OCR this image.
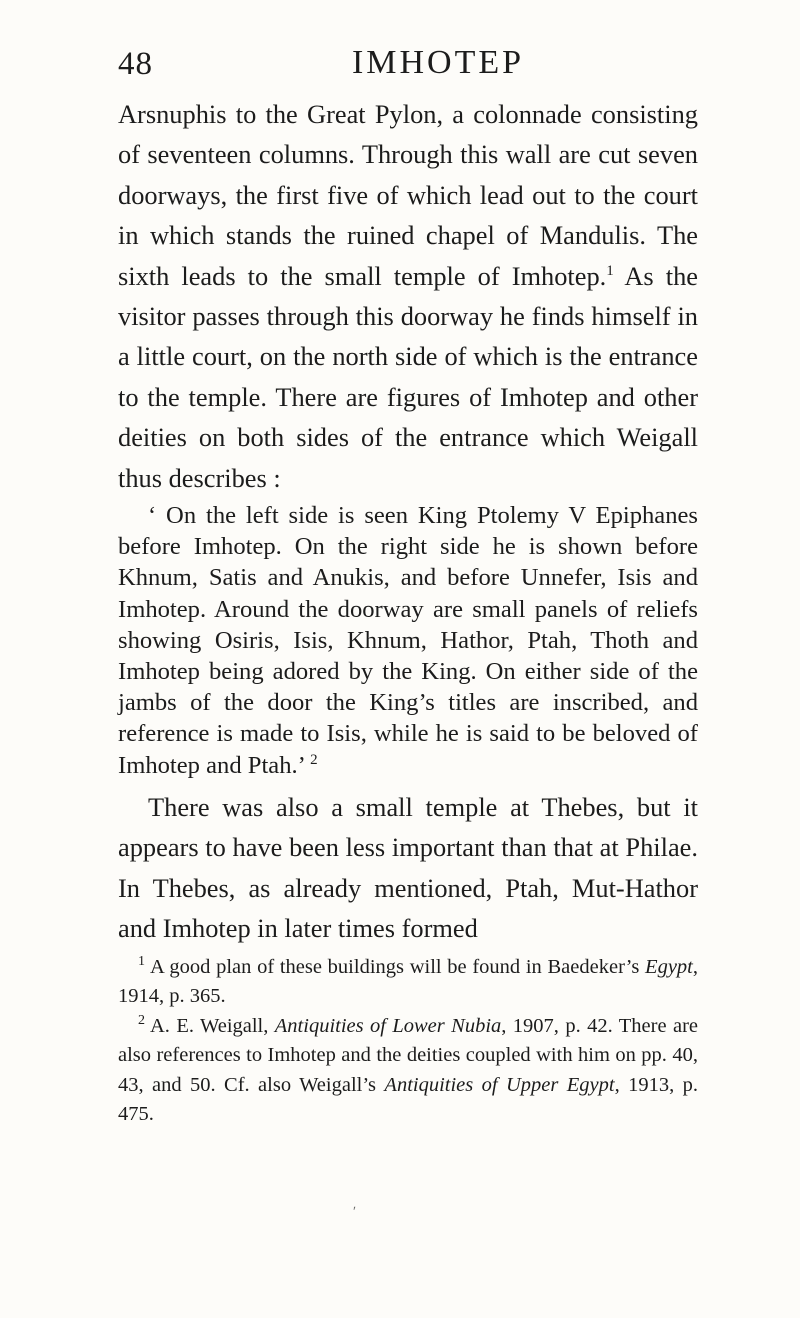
48	IMHOTEP

Arsnuphis to the Great Pylon, a colonnade consisting of seventeen columns. Through this wall are cut seven doorways, the first five of which lead out to the court in which stands the ruined chapel of Mandulis. The sixth leads to the small temple of Imhotep.$^1$ As the visitor passes through this doorway he finds himself in a little court, on the north side of which is the entrance to the temple. There are figures of Imhotep and other deities on both sides of the entrance which Weigall thus describes :

‘ On the left side is seen King Ptolemy V Epiphanes before Imhotep. On the right side he is shown before Khnum, Satis and Anukis, and before Unnefer, Isis and Imhotep. Around the doorway are small panels of reliefs showing Osiris, Isis, Khnum, Hathor, Ptah, Thoth and Imhotep being adored by the King. On either side of the jambs of the door the King’s titles are inscribed, and reference is made to Isis, while he is said to be beloved of Imhotep and Ptah.’ $^2$

There was also a small temple at Thebes, but it appears to have been less important than that at Philae. In Thebes, as already mentioned, Ptah, Mut-Hathor and Imhotep in later times formed

$^1$ A good plan of these buildings will be found in Baedeker’s Egypt, 1914, p. 365.

$^2$ A. E. Weigall, Antiquities of Lower Nubia, 1907, p. 42. There are also references to Imhotep and the deities coupled with him on pp. 40, 43, and 50. Cf. also Weigall’s Antiquities of Upper Egypt, 1913, p. 475.

ʹ
